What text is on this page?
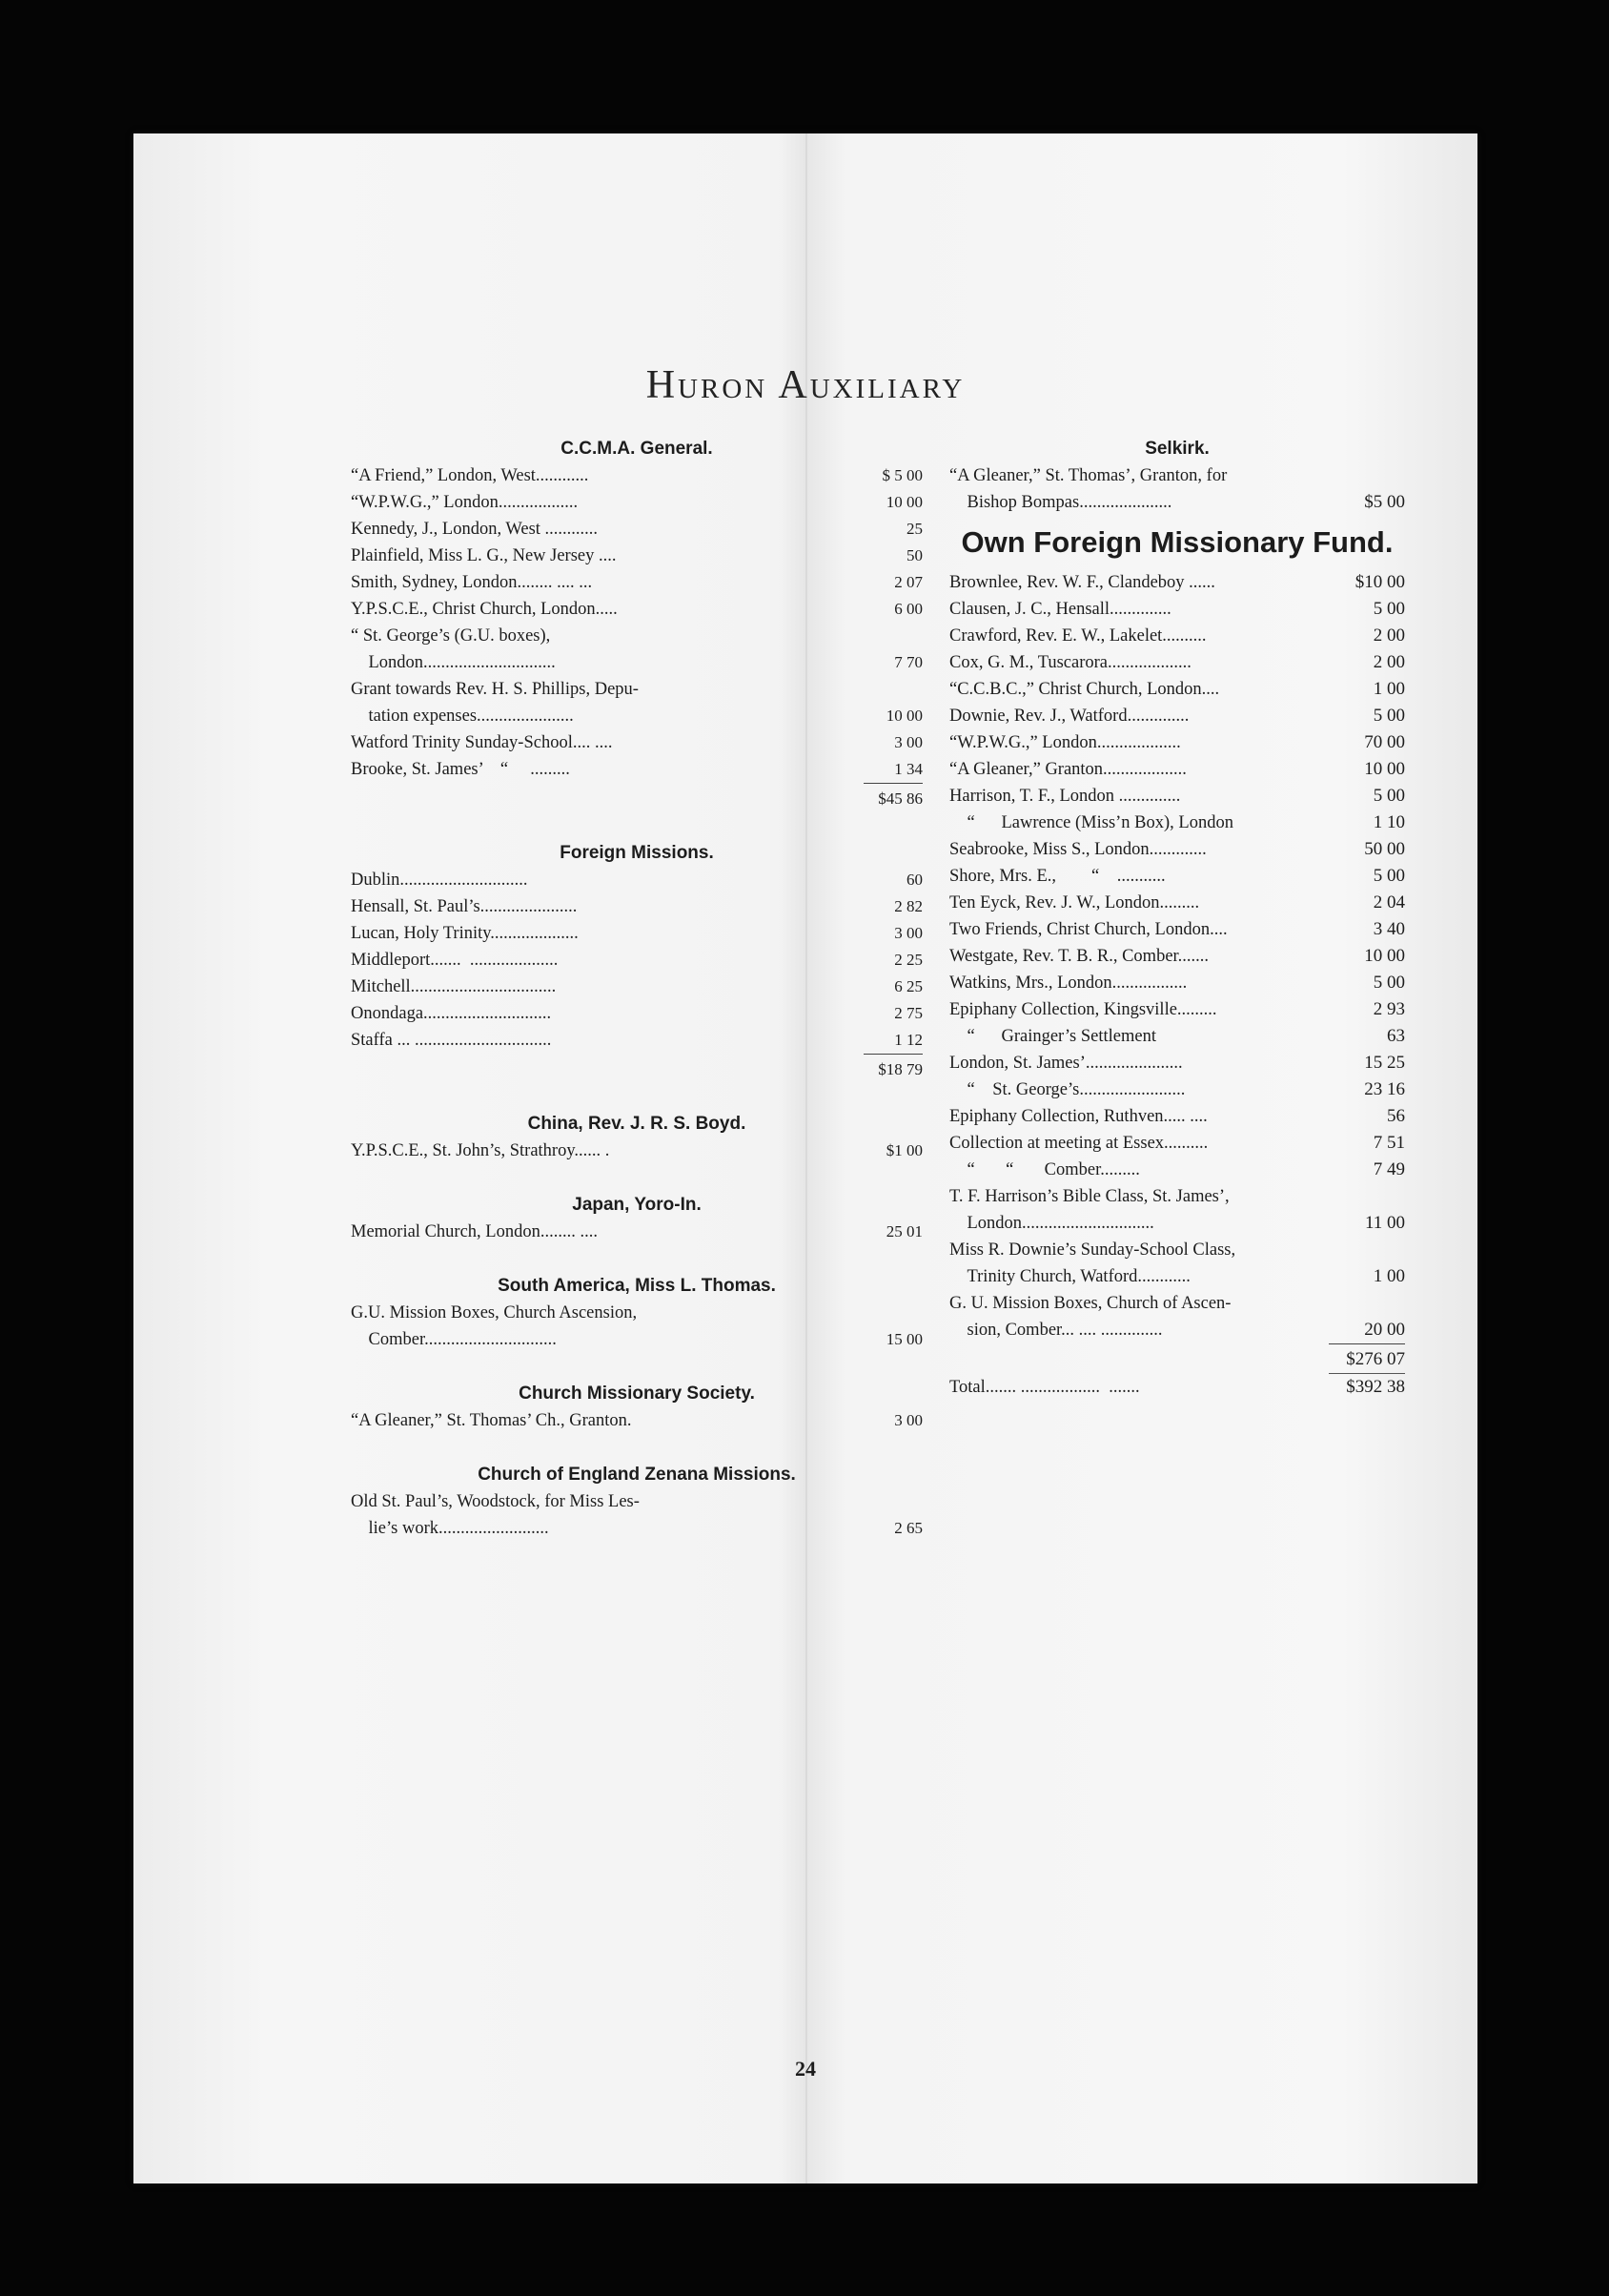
Huron Auxiliary
C.C.M.A. General.
“A Friend,” London, West............	$ 5 00
“W.P.W.G.,” London..................	10 00
Kennedy, J., London, West ............	25
Plainfield, Miss L. G., New Jersey ....	50
Smith, Sydney, London........ .... ...	2 07
Y.P.S.C.E., Christ Church, London.....	6 00
“ St. George’s (G.U. boxes),
London..............................	7 70
Grant towards Rev. H. S. Phillips, Depu-
tation expenses......................	10 00
Watford Trinity Sunday-School.... ....	3 00
Brooke, St. James’    “     .........	1 34
$45 86
Foreign Missions.
Dublin.............................	60
Hensall, St. Paul’s......................	2 82
Lucan, Holy Trinity....................	3 00
Middleport.......  ....................	2 25
Mitchell.................................	6 25
Onondaga.............................	2 75
Staffa ... ...............................	1 12
$18 79
China, Rev. J. R. S. Boyd.
Y.P.S.C.E., St. John’s, Strathroy...... .	$1 00
Japan, Yoro-In.
Memorial Church, London........ ....	25 01
South America, Miss L. Thomas.
G.U. Mission Boxes, Church Ascension,
Comber..............................	15 00
Church Missionary Society.
“A Gleaner,” St. Thomas’ Ch., Granton.	3 00
Church of England Zenana Missions.
Old St. Paul’s, Woodstock, for Miss Les-
lie’s work.........................	2 65
Selkirk.
“A Gleaner,” St. Thomas’, Granton, for
Bishop Bompas.....................	$5 00
Own Foreign Missionary Fund.
Brownlee, Rev. W. F., Clandeboy ......	$10 00
Clausen, J. C., Hensall..............	5 00
Crawford, Rev. E. W., Lakelet..........	2 00
Cox, G. M., Tuscarora...................	2 00
“C.C.B.C.,” Christ Church, London....	1 00
Downie, Rev. J., Watford..............	5 00
“W.P.W.G.,” London...................	70 00
“A Gleaner,” Granton...................	10 00
Harrison, T. F., London ..............	5 00
“      Lawrence (Miss’n Box), London	1 10
Seabrooke, Miss S., London.............	50 00
Shore, Mrs. E.,        “    ...........	5 00
Ten Eyck, Rev. J. W., London.........	2 04
Two Friends, Christ Church, London....	3 40
Westgate, Rev. T. B. R., Comber.......	10 00
Watkins, Mrs., London.................	5 00
Epiphany Collection, Kingsville.........	2 93
“      Grainger’s Settlement	63
London, St. James’......................	15 25
“    St. George’s........................	23 16
Epiphany Collection, Ruthven..... ....	56
Collection at meeting at Essex..........	7 51
“       “       Comber.........	7 49
T. F. Harrison’s Bible Class, St. James’,
London..............................	11 00
Miss R. Downie’s Sunday-School Class,
Trinity Church, Watford............	1 00
G. U. Mission Boxes, Church of Ascen-
sion, Comber... .... ..............	20 00
$276 07
Total....... ..................  .......	$392 38
24
